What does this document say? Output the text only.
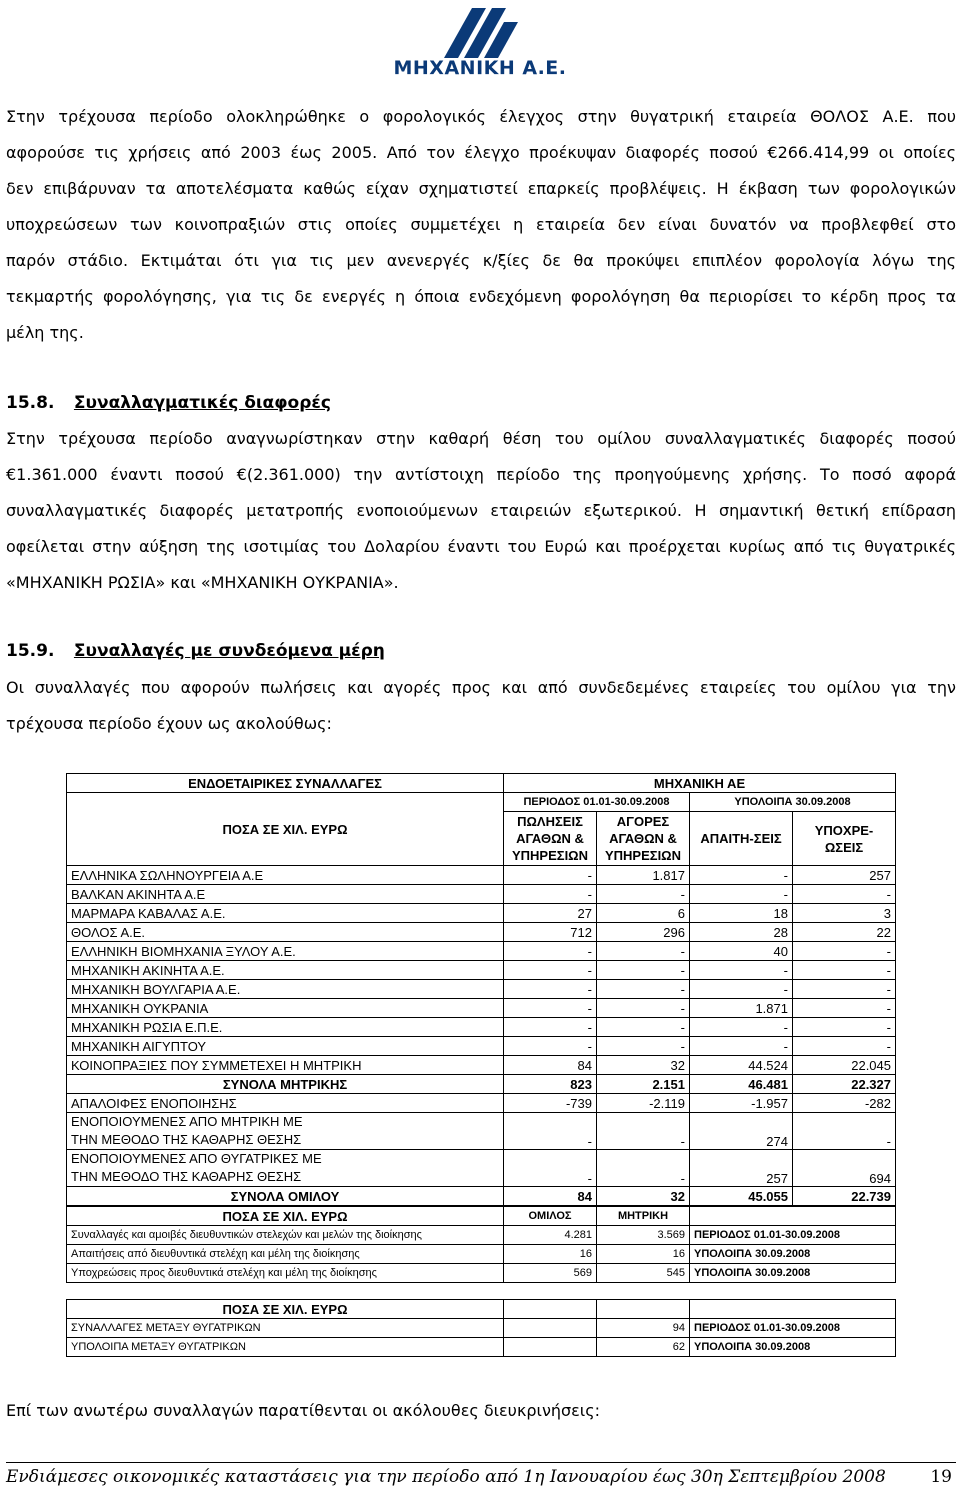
ΜΗΧΑΝΙΚΗ Α.Ε.
Στην τρέχουσα περίοδο ολοκληρώθηκε ο φορολογικός έλεγχος στην θυγατρική εταιρεία ΘΟΛΟΣ Α.Ε. που
αφορούσε τις χρήσεις από 2003 έως 2005. Από τον έλεγχο προέκυψαν διαφορές ποσού €266.414,99 οι οποίες
δεν επιβάρυναν τα αποτελέσματα καθώς είχαν σχηματιστεί επαρκείς προβλέψεις. Η έκβαση των φορολογικών
υποχρεώσεων των κοινοπραξιών στις οποίες συμμετέχει η εταιρεία δεν είναι δυνατόν να προβλεφθεί στο
παρόν στάδιο. Εκτιμάται ότι για τις μεν ανενεργές κ/ξίες δε θα προκύψει επιπλέον φορολογία λόγω της
τεκμαρτής φορολόγησης, για τις δε ενεργές η όποια ενδεχόμενη φορολόγηση θα περιορίσει το κέρδη προς τα
μέλη της.
15.8. Συναλλαγματικές διαφορές
Στην τρέχουσα περίοδο αναγνωρίστηκαν στην καθαρή θέση του ομίλου συναλλαγματικές διαφορές ποσού
€1.361.000 έναντι ποσού €(2.361.000) την αντίστοιχη περίοδο της προηγούμενης χρήσης. Το ποσό αφορά
συναλλαγματικές διαφορές μετατροπής ενοποιούμενων εταιρειών εξωτερικού. Η σημαντική θετική επίδραση
οφείλεται στην αύξηση της ισοτιμίας του Δολαρίου έναντι του Ευρώ και προέρχεται κυρίως από τις θυγατρικές
«ΜΗΧΑΝΙΚΗ ΡΩΣΙΑ» και «ΜΗΧΑΝΙΚΗ ΟΥΚΡΑΝΙΑ».
15.9. Συναλλαγές με συνδεόμενα μέρη
Οι συναλλαγές που αφορούν πωλήσεις και αγορές προς και από συνδεδεμένες εταιρείες του ομίλου για την
τρέχουσα περίοδο έχουν ως ακολούθως:
ΕΝΔΟΕΤΑΙΡΙΚΕΣ ΣΥΝΑΛΛΑΓΕΣ	ΜΗΧΑΝΙΚΗ ΑΕ			
ΠΟΣΑ ΣΕ ΧΙΛ. ΕΥΡΩ	ΠΕΡΙΟΔΟΣ 01.01-30.09.2008		ΥΠΟΛΟΙΠΑ 30.09.2008	
	ΠΩΛΗΣΕΙΣ ΑΓΑΘΩΝ & ΥΠΗΡΕΣΙΩΝ	ΑΓΟΡΕΣ ΑΓΑΘΩΝ & ΥΠΗΡΕΣΙΩΝ	ΑΠΑΙΤΗ-ΣΕΙΣ	ΥΠΟΧΡΕ-ΩΣΕΙΣ
ΕΛΛΗΝΙΚΑ ΣΩΛΗΝΟΥΡΓΕΙΑ Α.Ε	-	1.817	-	257
ΒΑΛΚΑΝ ΑΚΙΝΗΤΑ Α.Ε	-	-	-	-
ΜΑΡΜΑΡΑ ΚΑΒΑΛΑΣ Α.Ε.	27	6	18	3
ΘΟΛΟΣ Α.Ε.	712	296	28	22
ΕΛΛΗΝΙΚΗ ΒΙΟΜΗΧΑΝΙΑ ΞΥΛΟΥ Α.Ε.	-	-	40	-
ΜΗΧΑΝΙΚΗ ΑΚΙΝΗΤΑ Α.Ε.	-	-	-	-
ΜΗΧΑΝΙΚΗ ΒΟΥΛΓΑΡΙΑ Α.Ε.	-	-	-	-
ΜΗΧΑΝΙΚΗ ΟΥΚΡΑΝΙΑ	-	-	1.871	-
ΜΗΧΑΝΙΚΗ ΡΩΣΙΑ Ε.Π.Ε.	-	-	-	-
ΜΗΧΑΝΙΚΗ ΑΙΓΥΠΤΟΥ	-	-	-	-
ΚΟΙΝΟΠΡΑΞΙΕΣ ΠΟΥ ΣΥΜΜΕΤΕΧΕΙ Η ΜΗΤΡΙΚΗ	84	32	44.524	22.045
ΣΥΝΟΛΑ ΜΗΤΡΙΚΗΣ	823	2.151	46.481	22.327
ΑΠΑΛΟΙΦΕΣ ΕΝΟΠΟΙΗΣΗΣ	-739	-2.119	-1.957	-282

ΕΝΟΠΟΙΟΥΜΕΝΕΣ ΑΠΟ ΜΗΤΡΙΚΗ ΜΕ
ΤΗΝ ΜΕΘΟΔΟ ΤΗΣ ΚΑΘΑΡΗΣ ΘΕΣΗΣ	-	-	274	-

ΕΝΟΠΟΙΟΥΜΕΝΕΣ ΑΠΟ ΘΥΓΑΤΡΙΚΕΣ ΜΕ
ΤΗΝ ΜΕΘΟΔΟ ΤΗΣ ΚΑΘΑΡΗΣ ΘΕΣΗΣ	-	-	257	694
ΣΥΝΟΛΑ ΟΜΙΛΟΥ	84	32	45.055	22.739
ΠΟΣΑ ΣΕ ΧΙΛ. ΕΥΡΩ	ΟΜΙΛΟΣ	ΜΗΤΡΙΚΗ	
Συναλλαγές και αμοιβές διευθυντικών στελεχών και μελών της διοίκησης	4.281	3.569	ΠΕΡΙΟΔΟΣ 01.01-30.09.2008
Απαιτήσεις από διευθυντικά στελέχη και μέλη της διοίκησης	16	16	ΥΠΟΛΟΙΠΑ 30.09.2008
Υποχρεώσεις προς διευθυντικά στελέχη και μέλη της διοίκησης	569	545	ΥΠΟΛΟΙΠΑ 30.09.2008
ΠΟΣΑ ΣΕ ΧΙΛ. ΕΥΡΩ			
ΣΥΝΑΛΛΑΓΕΣ ΜΕΤΑΞΥ ΘΥΓΑΤΡΙΚΩΝ		94	ΠΕΡΙΟΔΟΣ 01.01-30.09.2008
ΥΠΟΛΟΙΠΑ ΜΕΤΑΞΥ ΘΥΓΑΤΡΙΚΩΝ		62	ΥΠΟΛΟΙΠΑ 30.09.2008
Επί των ανωτέρω συναλλαγών παρατίθενται οι ακόλουθες διευκρινήσεις:
Ενδιάμεσες οικονομικές καταστάσεις για την περίοδο από 1η Ιανουαρίου έως 30η Σεπτεμβρίου 2008	19
